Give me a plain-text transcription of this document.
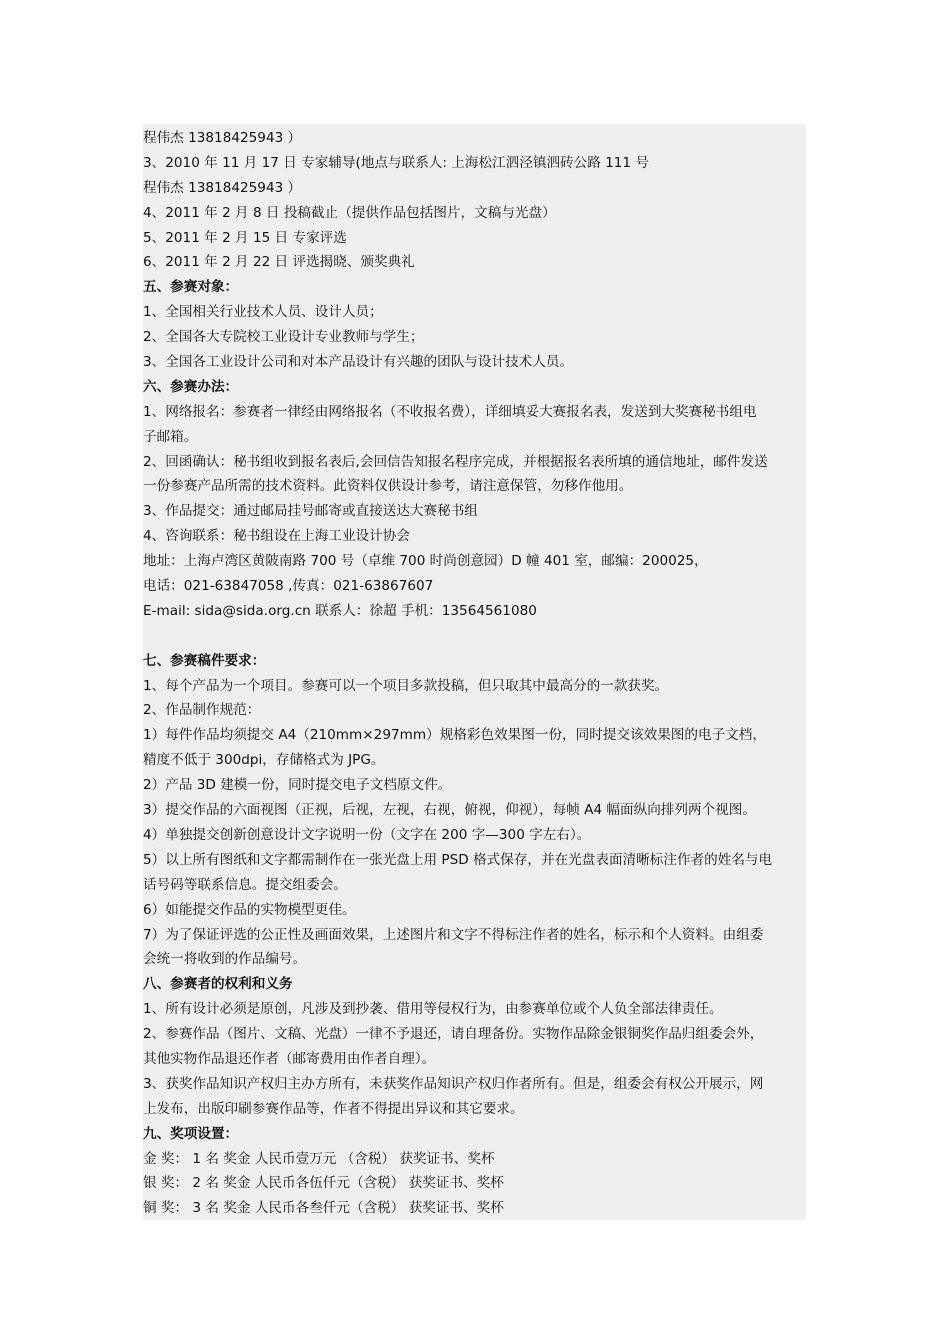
程伟杰 13818425943 ）
3、2010 年 11 月 17 日 专家辅导(地点与联系人: 上海松江泗泾镇泗砖公路 111 号
程伟杰 13818425943 ）
4、2011 年 2 月 8 日 投稿截止（提供作品包括图片，文稿与光盘）
5、2011 年 2 月 15 日 专家评选
6、2011 年 2 月 22 日 评选揭晓、颁奖典礼
五、参赛对象：
1、全国相关行业技术人员、设计人员；
2、全国各大专院校工业设计专业教师与学生；
3、全国各工业设计公司和对本产品设计有兴趣的团队与设计技术人员。
六、参赛办法：
1、网络报名：参赛者一律经由网络报名（不收报名费），详细填妥大赛报名表，发送到大奖赛秘书组电
子邮箱。
2、回函确认：秘书组收到报名表后,会回信告知报名程序完成，并根据报名表所填的通信地址，邮件发送
一份参赛产品所需的技术资料。此资料仅供设计参考，请注意保管，勿移作他用。
3、作品提交：通过邮局挂号邮寄或直接送达大赛秘书组
4、咨询联系：秘书组设在上海工业设计协会
地址：上海卢湾区黄陂南路 700 号（卓维 700 时尚创意园）D 幢 401 室，邮编：200025，
电话：021-63847058 ,传真：021-63867607
E-mail: sida@sida.org.cn 联系人：徐超 手机：13564561080
七、参赛稿件要求：
1、每个产品为一个项目。参赛可以一个项目多款投稿，但只取其中最高分的一款获奖。
2、作品制作规范：
1）每件作品均须提交 A4（210mm×297mm）规格彩色效果图一份，同时提交该效果图的电子文档，
精度不低于 300dpi，存储格式为 JPG。
2）产品 3D 建模一份，同时提交电子文档原文件。
3）提交作品的六面视图（正视，后视，左视，右视，俯视，仰视），每帧 A4 幅面纵向排列两个视图。
4）单独提交创新创意设计文字说明一份（文字在 200 字—300 字左右）。
5）以上所有图纸和文字都需制作在一张光盘上用 PSD 格式保存，并在光盘表面清晰标注作者的姓名与电
话号码等联系信息。提交组委会。
6）如能提交作品的实物模型更佳。
7）为了保证评选的公正性及画面效果，上述图片和文字不得标注作者的姓名，标示和个人资料。由组委
会统一将收到的作品编号。
八、参赛者的权利和义务
1、所有设计必须是原创，凡涉及到抄袭、借用等侵权行为，由参赛单位或个人负全部法律责任。
2、参赛作品（图片、文稿、光盘）一律不予退还，请自理备份。实物作品除金银铜奖作品归组委会外，
其他实物作品退还作者（邮寄费用由作者自理）。
3、获奖作品知识产权归主办方所有，未获奖作品知识产权归作者所有。但是，组委会有权公开展示，网
上发布，出版印刷参赛作品等，作者不得提出异议和其它要求。
九、奖项设置：
金 奖： 1 名 奖金 人民币壹万元 （含税） 获奖证书、奖杯
银 奖： 2 名 奖金 人民币各伍仟元（含税） 获奖证书、奖杯
铜 奖： 3 名 奖金 人民币各叁仟元（含税） 获奖证书、奖杯
